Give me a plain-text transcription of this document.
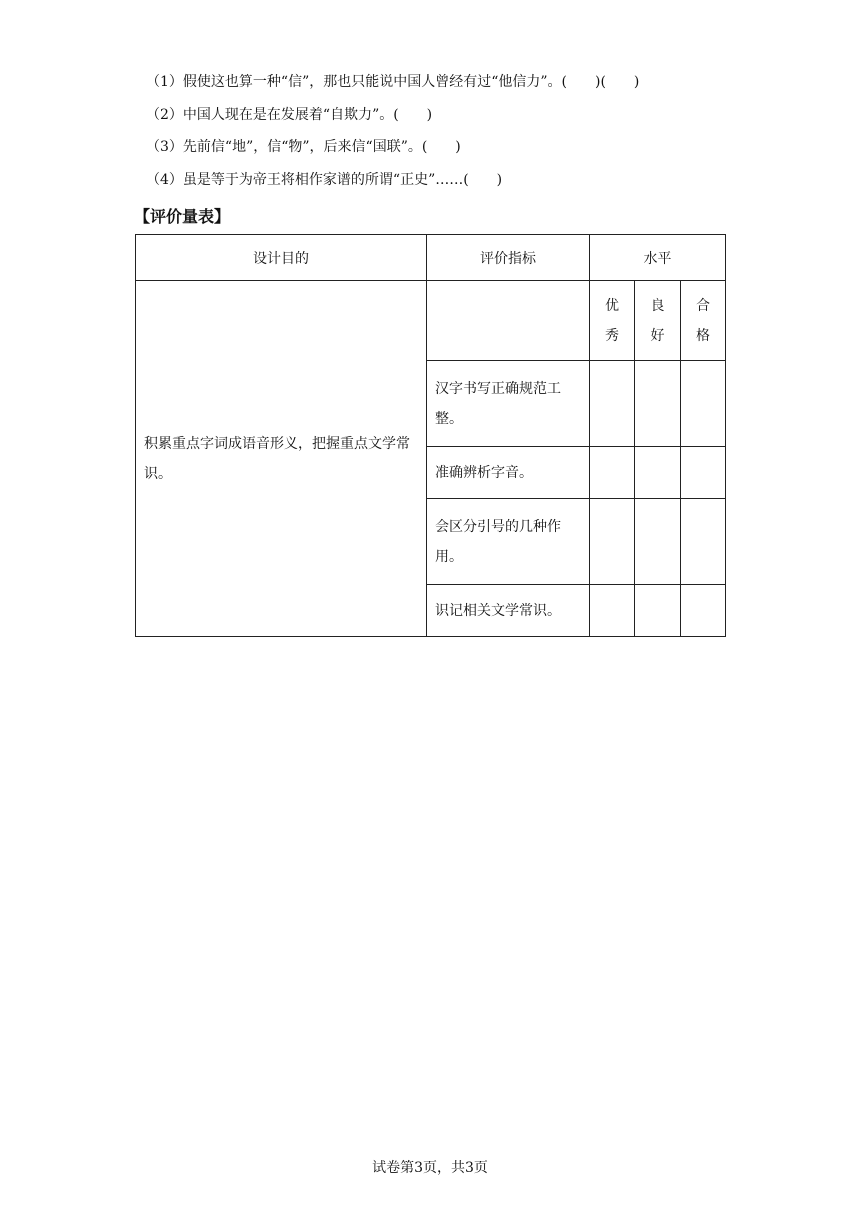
（1）假使这也算一种“信”，那也只能说中国人曾经有过“他信力”。(　　)(　　)
（2）中国人现在是在发展着“自欺力”。(　　)
（3）先前信“地”，信“物”，后来信“国联”。(　　)
（4）虽是等于为帝王将相作家谱的所谓“正史”……(　　)
【评价量表】
设计目的	评价指标	水平		
积累重点字词成语音形义，把握重点文学常识。		优秀	良好	合格
	汉字书写正确规范工整。			
	准确辨析字音。			
	会区分引号的几种作用。			
	识记相关文学常识。			
试卷第3页，共3页
